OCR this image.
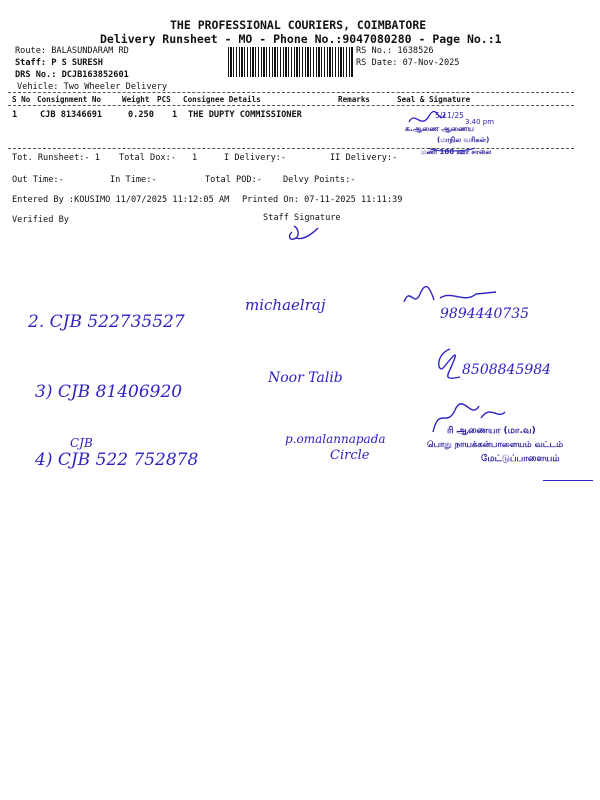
THE PROFESSIONAL COURIERS, COIMBATORE
Delivery Runsheet - MO - Phone No.:9047080280 - Page No.:1
Route: BALASUNDARAM RD
Staff: P S SURESH
DRS No.: DCJB163852601
Vehicle: Two Wheeler Delivery
RS No.: 1638526
RS Date: 07-Nov-2025
S No Consignment No	Weight PCS Consignee Details	Remarks	Seal & Signature
1	CJB 81346691	0.250 1 THE DUPTY COMMISSIONER	5/11/25
3.40 pm
க.ஆணை ஆணைய
(மாநில வரிகள்)
மணி 180 ஊர் சாலை
Tot. Runsheet:- 1 Total Dox:- 1	I Delivery:-	II Delivery:-
Out Time:-	In Time:-	Total POD:- Delvy Points:-
Entered By :KOUSIMO 11/07/2025 11:12:05 AM Printed On: 07-11-2025 11:11:39
Verified By	Staff Signature
2. CJB 522735527
michaelraj	9894440735
3) CJB 81406920
Noor Talib	8508845984
CJB
4) CJB 522 752878
p.omalannapada
Circle
ரி ஆணையா (மா.வ)
பொது நாயக்கன்பாளையம் வட்டம்
மேட்டுப்பாளையம்
